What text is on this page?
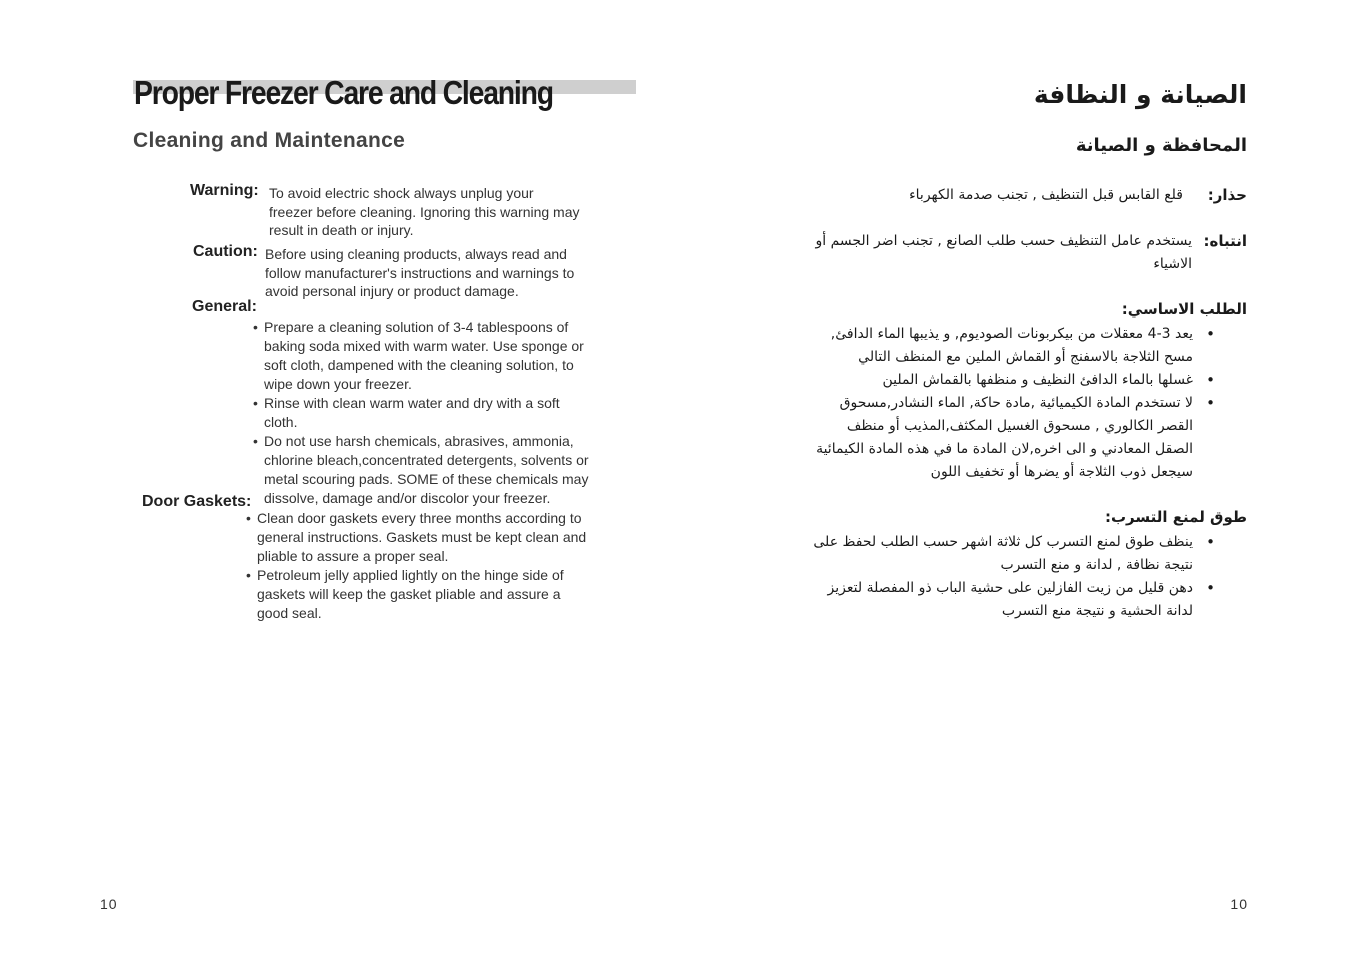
Proper Freezer Care and Cleaning
Cleaning and Maintenance
Warning: To avoid electric shock always unplug your freezer before cleaning. Ignoring this warning may result in death or injury.
Caution: Before using cleaning products, always read and follow manufacturer's instructions and warnings to avoid personal injury or product damage.
General:
• Prepare a cleaning solution of 3-4 tablespoons of baking soda mixed with warm water. Use sponge or soft cloth, dampened with the cleaning solution, to wipe down your freezer.
• Rinse with clean warm water and dry with a soft cloth.
• Do not use harsh chemicals, abrasives, ammonia, chlorine bleach,concentrated detergents, solvents or metal scouring pads. SOME of these chemicals may dissolve, damage and/or discolor your freezer.
Door Gaskets:
• Clean door gaskets every three months according to general instructions. Gaskets must be kept clean and pliable to assure a proper seal.
• Petroleum jelly applied lightly on the hinge side of gaskets will keep the gasket pliable and assure a good seal.
10
الصيانة و النظافة
المحافظة و الصيانة
حذار:
قلع القابس قبل التنظيف , تجنب صدمة الكهرباء
انتباه:
يستخدم عامل التنظيف حسب طلب الصانع , تجنب اضر الجسم أو الاشياء
الطلب الاساسي:
• يعد 3-4 معقلات من بيكربونات الصوديوم, و يذيبها الماء الدافئ, مسح الثلاجة بالاسفنج أو القماش الملين مع المنظف التالي
• غسلها بالماء الدافئ النظيف و منظفها بالقماش الملين
• لا تستخدم المادة الكيميائية ,مادة حاكة, الماء النشادر,مسحوق القصر الكالوري , مسحوق الغسيل المكثف,المذيب أو منظف الصقل المعادني و الى اخره,لان المادة ما في هذه المادة الكيمائية سيجعل ذوب الثلاجة أو يضرها أو تخفيف اللون
طوق لمنع التسرب:
• ينظف طوق لمنع التسرب كل ثلاثة اشهر حسب الطلب لحفظ على نتيجة نظافة , لدانة و منع التسرب
• دهن قليل من زيت الفازلين على حشية الباب ذو المفصلة لتعزيز لدانة الحشية و نتيجة منع التسرب
10
